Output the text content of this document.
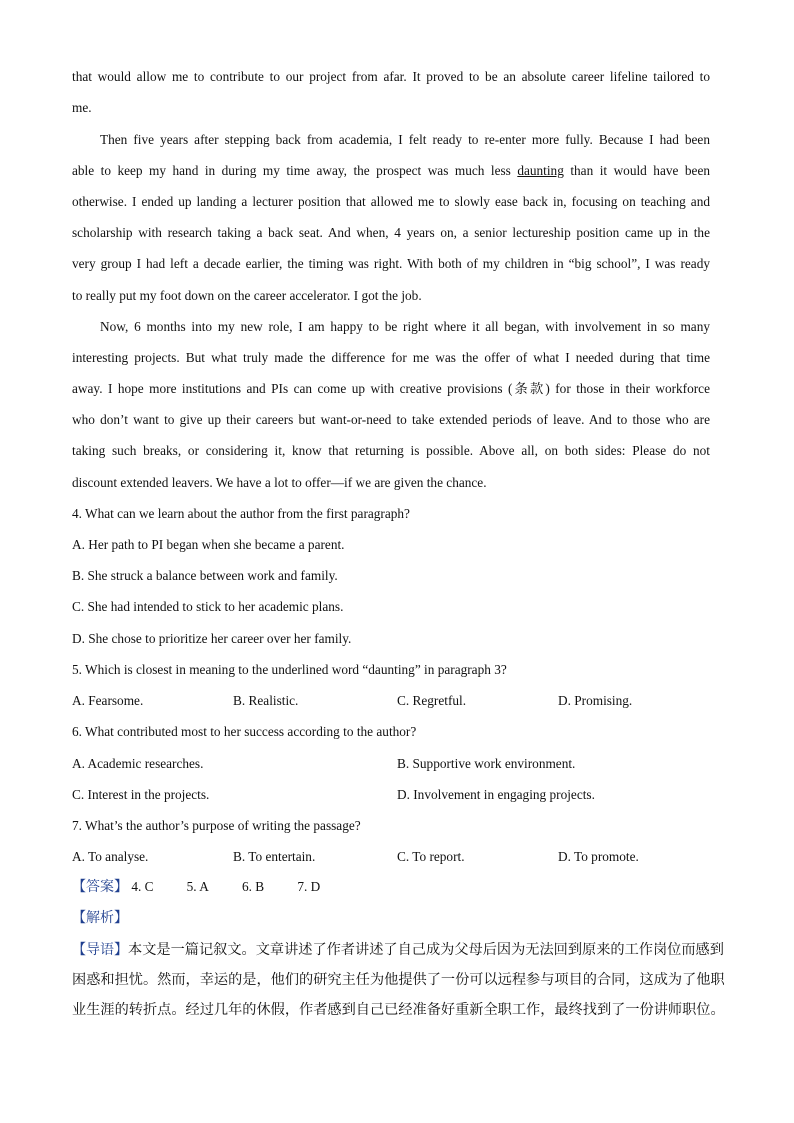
that would allow me to contribute to our project from afar. It proved to be an absolute career lifeline tailored to
me.
Then five years after stepping back from academia, I felt ready to re-enter more fully. Because I had been
able to keep my hand in during my time away, the prospect was much less daunting than it would have been
otherwise. I ended up landing a lecturer position that allowed me to slowly ease back in, focusing on teaching and
scholarship with research taking a back seat. And when, 4 years on, a senior lectureship position came up in the
very group I had left a decade earlier, the timing was right. With both of my children in “big school”, I was ready
to really put my foot down on the career accelerator. I got the job.
Now, 6 months into my new role, I am happy to be right where it all began, with involvement in so many
interesting projects. But what truly made the difference for me was the offer of what I needed during that time
away. I hope more institutions and PIs can come up with creative provisions (条款) for those in their workforce
who don’t want to give up their careers but want-or-need to take extended periods of leave. And to those who are
taking such breaks, or considering it, know that returning is possible. Above all, on both sides: Please do not
discount extended leavers. We have a lot to offer—if we are given the chance.
4. What can we learn about the author from the first paragraph?
A. Her path to PI began when she became a parent.
B. She struck a balance between work and family.
C. She had intended to stick to her academic plans.
D. She chose to prioritize her career over her family.
5. Which is closest in meaning to the underlined word “daunting” in paragraph 3?
A. Fearsome.	B. Realistic.	C. Regretful.	D. Promising.
6. What contributed most to her success according to the author?
A. Academic researches.	B. Supportive work environment.
C. Interest in the projects.	D. Involvement in engaging projects.
7. What’s the author’s purpose of writing the passage?
A. To analyse.	B. To entertain.	C. To report.	D. To promote.
【答案】 4. C 5. A 6. B 7. D
【解析】
【导语】本文是一篇记叙文。文章讲述了作者讲述了自己成为父母后因为无法回到原来的工作岗位而感到
困惑和担忧。然而，幸运的是，他们的研究主任为他提供了一份可以远程参与项目的合同，这成为了他职
业生涯的转折点。经过几年的休假，作者感到自己已经准备好重新全职工作，最终找到了一份讲师职位。
